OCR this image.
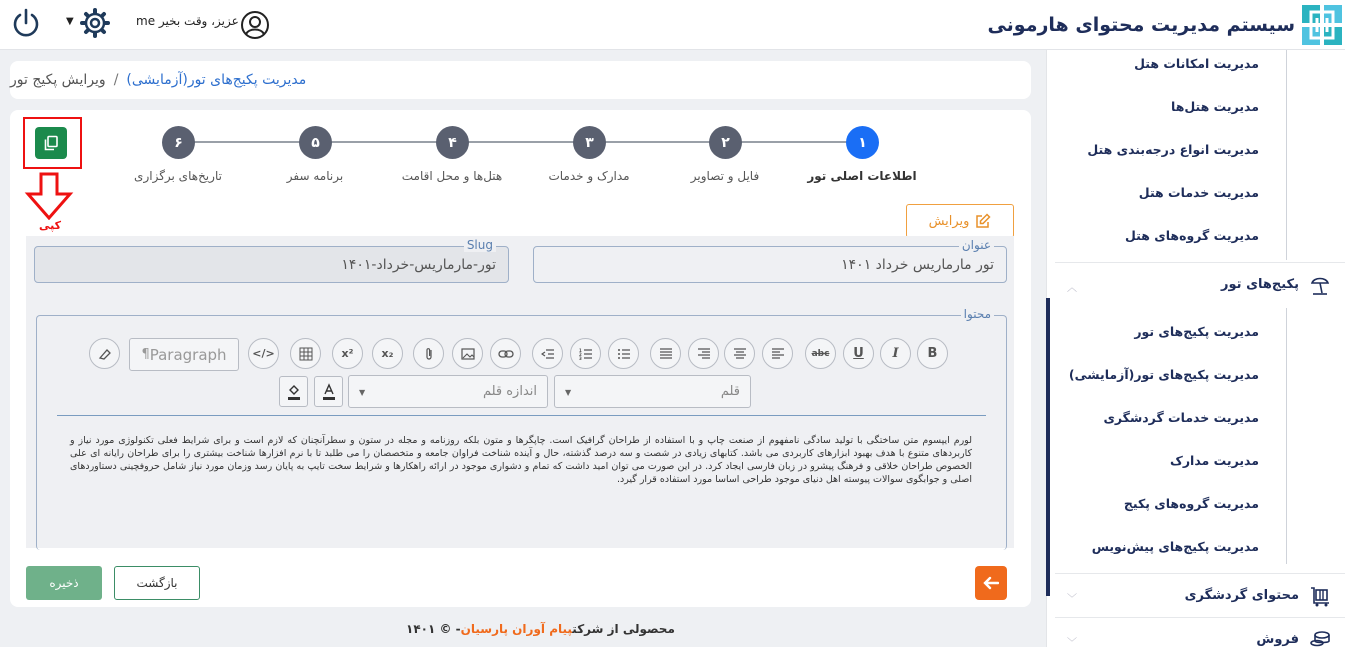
سیستم مدیریت محتوای هارمونی
▼	me عزیز، وقت بخیر
مدیریت امکانات هتل
مدیریت هتل‌ها
مدیریت انواع درجه‌بندی هتل
مدیریت خدمات هتل
مدیریت گروه‌های هتل
︿	پکیج‌های تور
مدیریت پکیج‌های تور
مدیریت پکیج‌های تور(آزمایشی)
مدیریت خدمات گردشگری
مدیریت مدارک
مدیریت گروه‌های پکیج
مدیریت پکیج‌های پیش‌نویس
﹀	محتوای گردشگری
﹀	فروش
مدیریت پکیج‌های تور(آزمایشی)
/
ویرایش پکیج تور
کپی
۱
اطلاعات اصلی تور
۲
فایل و تصاویر
۳
مدارک و خدمات
۴
هتل‌ها و محل اقامت
۵
برنامه سفر
۶
تاریخ‌های برگزاری
ویرایش
عنوان
تور مارماریس خرداد ۱۴۰۱
Slug
تور-مارماریس-خرداد-۱۴۰۱
محتوا
¶ Paragraph </>	x²	x₂	1
2
3	abc U I B
اندازه قلم
▼	قلم
▼

لورم ایپسوم متن ساختگی با تولید سادگی نامفهوم از صنعت چاپ و با استفاده از طراحان گرافیک است. چاپگرها و متون بلکه روزنامه و مجله در ستون و سطرآنچنان که لازم است و برای شرایط فعلی تکنولوژی مورد نیاز و کاربردهای متنوع با هدف بهبود ابزارهای کاربردی می باشد. کتابهای زیادی در شصت و سه درصد گذشته، حال و آینده شناخت فراوان جامعه و متخصصان را می طلبد تا با نرم افزارها شناخت بیشتری را برای طراحان رایانه ای علی الخصوص طراحان خلاقی و فرهنگ پیشرو در زبان فارسی ایجاد کرد. در این صورت می توان امید داشت که تمام و دشواری موجود در ارائه راهکارها و شرایط سخت تایپ به پایان رسد وزمان مورد نیاز شامل حروفچینی دستاوردهای اصلی و جوابگوی سوالات پیوسته اهل دنیای موجود طراحی اساسا مورد استفاده قرار گیرد.

بازگشت
ذخیره
محصولی از شرکتپیام آوران پارسیان- © ۱۴۰۱
